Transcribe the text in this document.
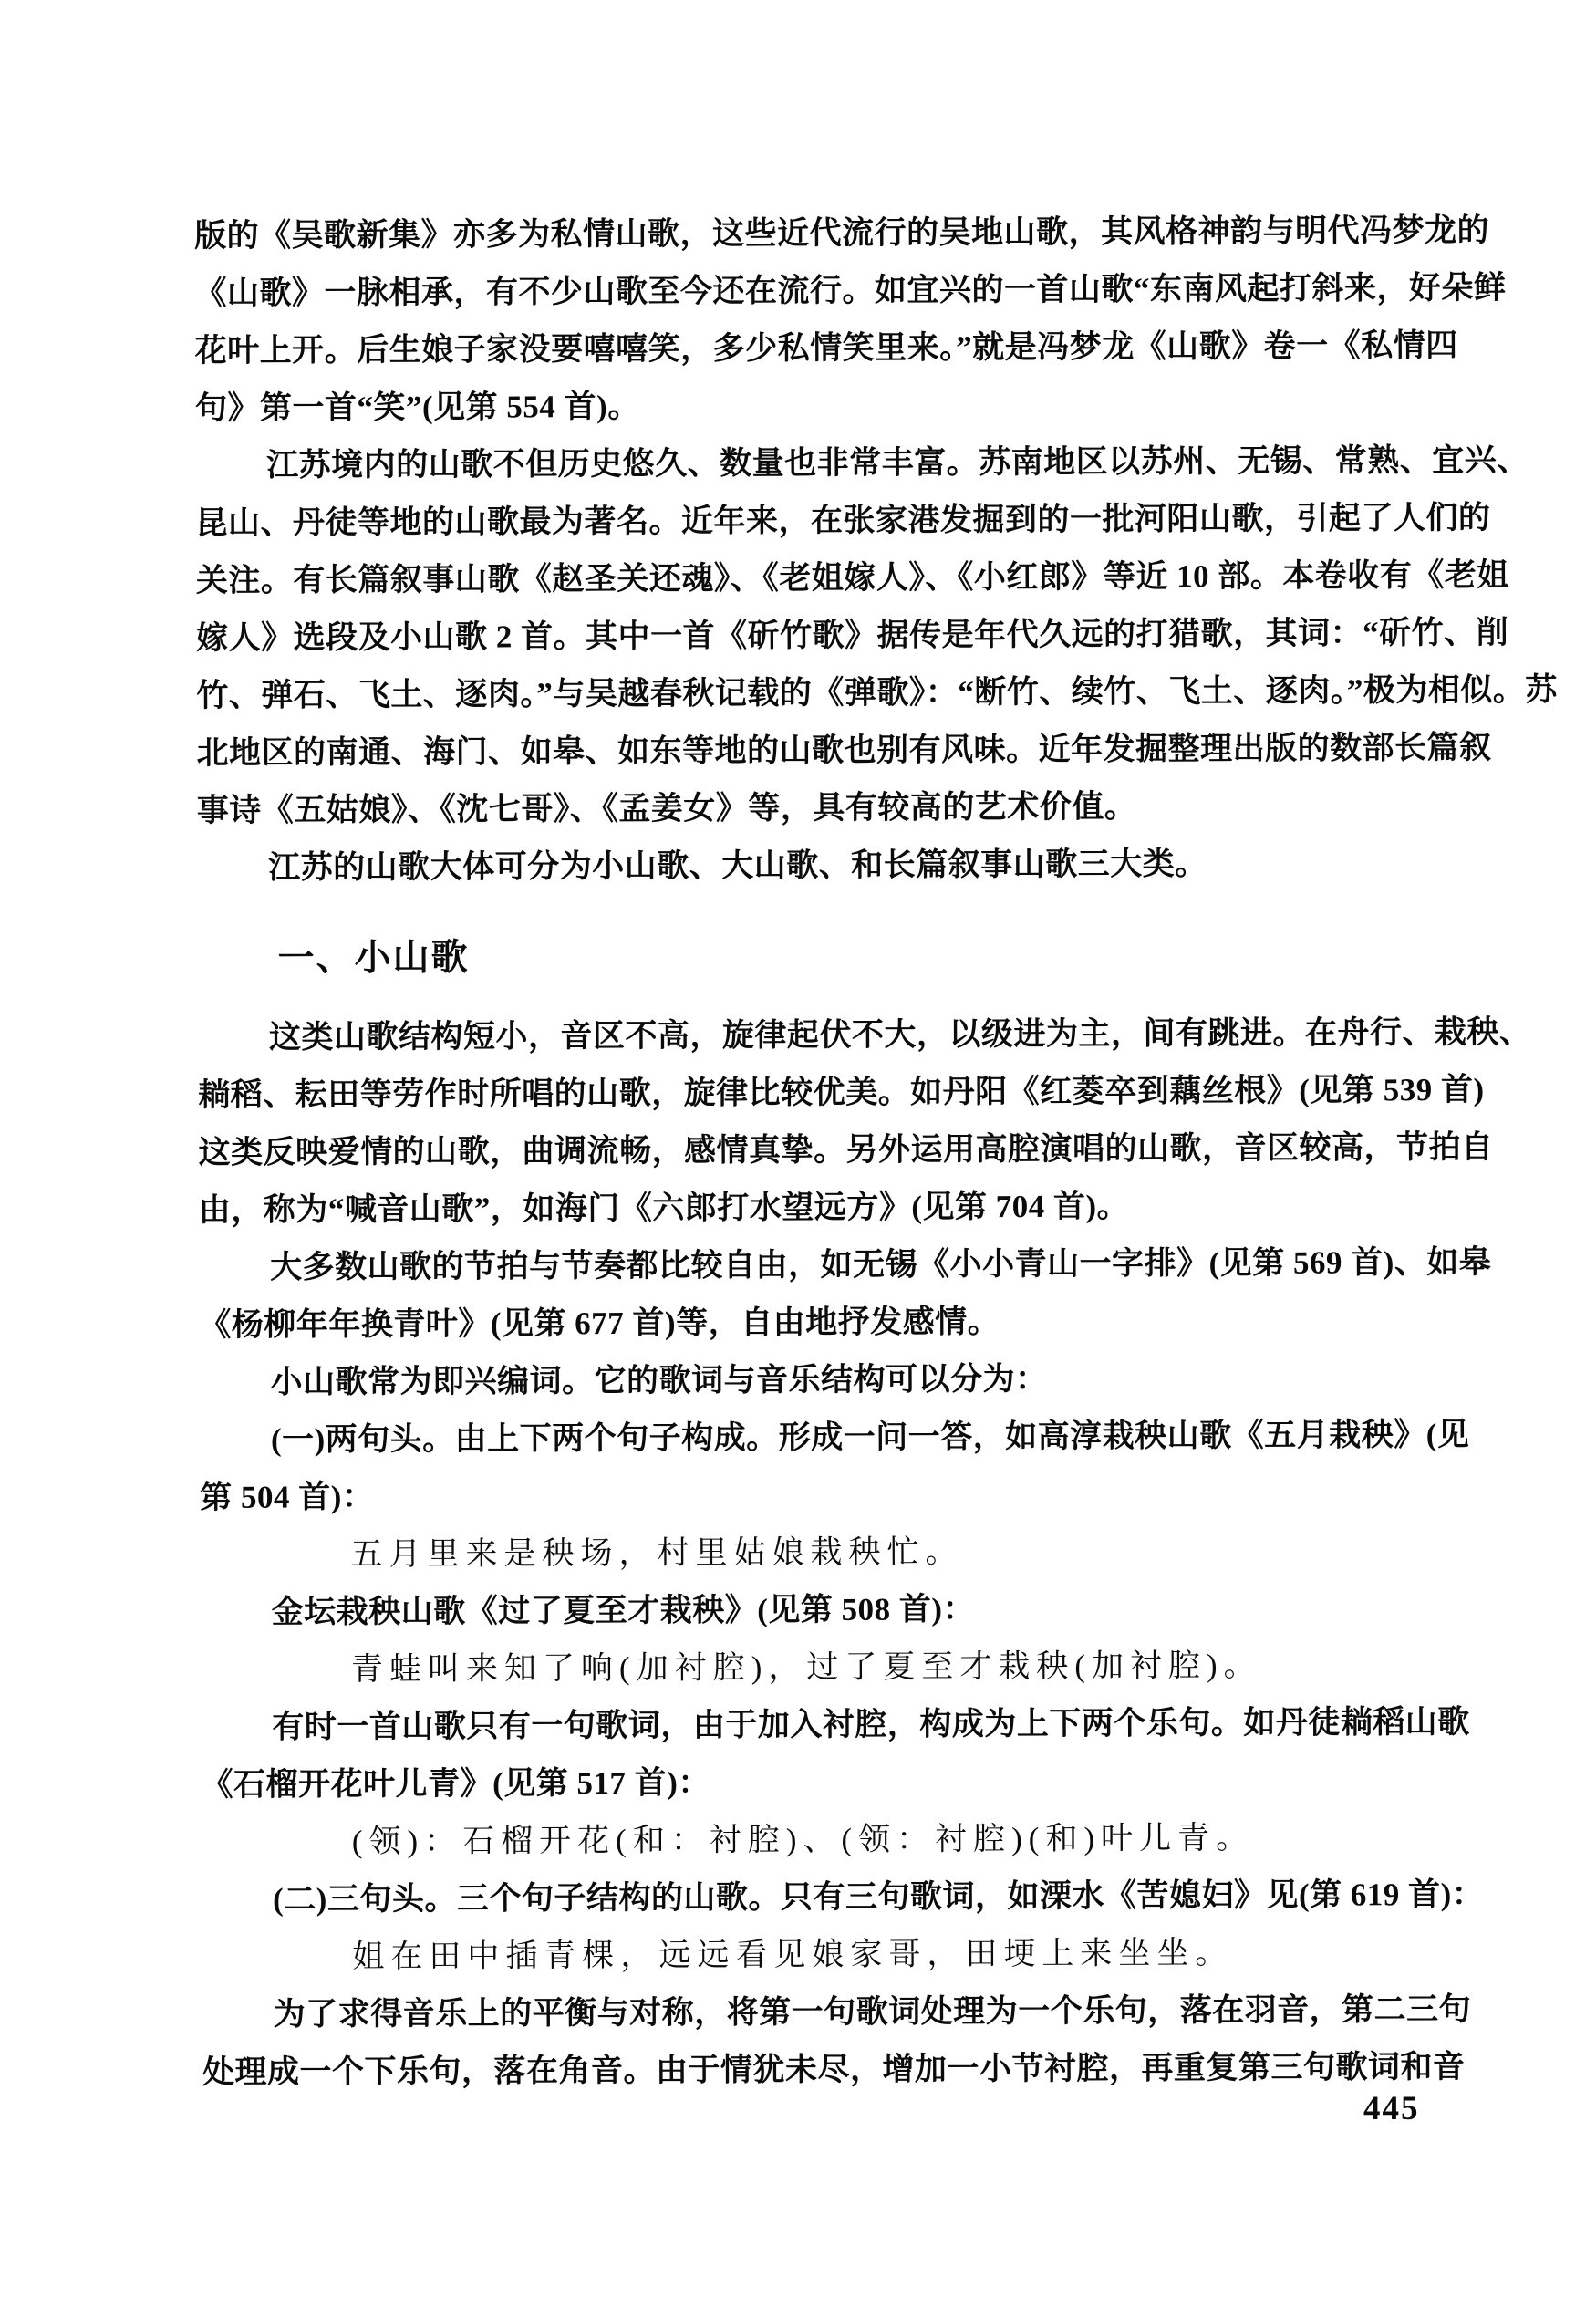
版的《吴歌新集》亦多为私情山歌，这些近代流行的吴地山歌，其风格神韵与明代冯梦龙的
《山歌》一脉相承，有不少山歌至今还在流行。如宜兴的一首山歌“东南风起打斜来，好朵鲜
花叶上开。后生娘子家没要嘻嘻笑，多少私情笑里来。”就是冯梦龙《山歌》卷一《私情四
句》第一首“笑”(见第 554 首)。
江苏境内的山歌不但历史悠久、数量也非常丰富。苏南地区以苏州、无锡、常熟、宜兴、
昆山、丹徒等地的山歌最为著名。近年来，在张家港发掘到的一批河阳山歌，引起了人们的
关注。有长篇叙事山歌《赵圣关还魂》、《老姐嫁人》、《小红郎》等近 10 部。本卷收有《老姐
嫁人》选段及小山歌 2 首。其中一首《斫竹歌》据传是年代久远的打猎歌，其词：“斫竹、削
竹、弹石、飞土、逐肉。”与吴越春秋记载的《弹歌》：“断竹、续竹、飞土、逐肉。”极为相似。苏
北地区的南通、海门、如皋、如东等地的山歌也别有风味。近年发掘整理出版的数部长篇叙
事诗《五姑娘》、《沈七哥》、《孟姜女》等，具有较高的艺术价值。
江苏的山歌大体可分为小山歌、大山歌、和长篇叙事山歌三大类。
一、小山歌
这类山歌结构短小，音区不高，旋律起伏不大，以级进为主，间有跳进。在舟行、栽秧、
耥稻、耘田等劳作时所唱的山歌，旋律比较优美。如丹阳《红菱卒到藕丝根》(见第 539 首)
这类反映爱情的山歌，曲调流畅，感情真挚。另外运用高腔演唱的山歌，音区较高，节拍自
由，称为“喊音山歌”，如海门《六郎打水望远方》(见第 704 首)。
大多数山歌的节拍与节奏都比较自由，如无锡《小小青山一字排》(见第 569 首)、如皋
《杨柳年年换青叶》(见第 677 首)等，自由地抒发感情。
小山歌常为即兴编词。它的歌词与音乐结构可以分为：
(一)两句头。由上下两个句子构成。形成一问一答，如高淳栽秧山歌《五月栽秧》(见
第 504 首)：
五月里来是秧场，村里姑娘栽秧忙。
金坛栽秧山歌《过了夏至才栽秧》(见第 508 首)：
青蛙叫来知了响(加衬腔)，过了夏至才栽秧(加衬腔)。
有时一首山歌只有一句歌词，由于加入衬腔，构成为上下两个乐句。如丹徒耥稻山歌
《石榴开花叶儿青》(见第 517 首)：
(领)：石榴开花(和：衬腔)、(领：衬腔)(和)叶儿青。
(二)三句头。三个句子结构的山歌。只有三句歌词，如溧水《苦媳妇》见(第 619 首)：
姐在田中插青棵，远远看见娘家哥，田埂上来坐坐。
为了求得音乐上的平衡与对称，将第一句歌词处理为一个乐句，落在羽音，第二三句
处理成一个下乐句，落在角音。由于情犹未尽，增加一小节衬腔，再重复第三句歌词和音
445
